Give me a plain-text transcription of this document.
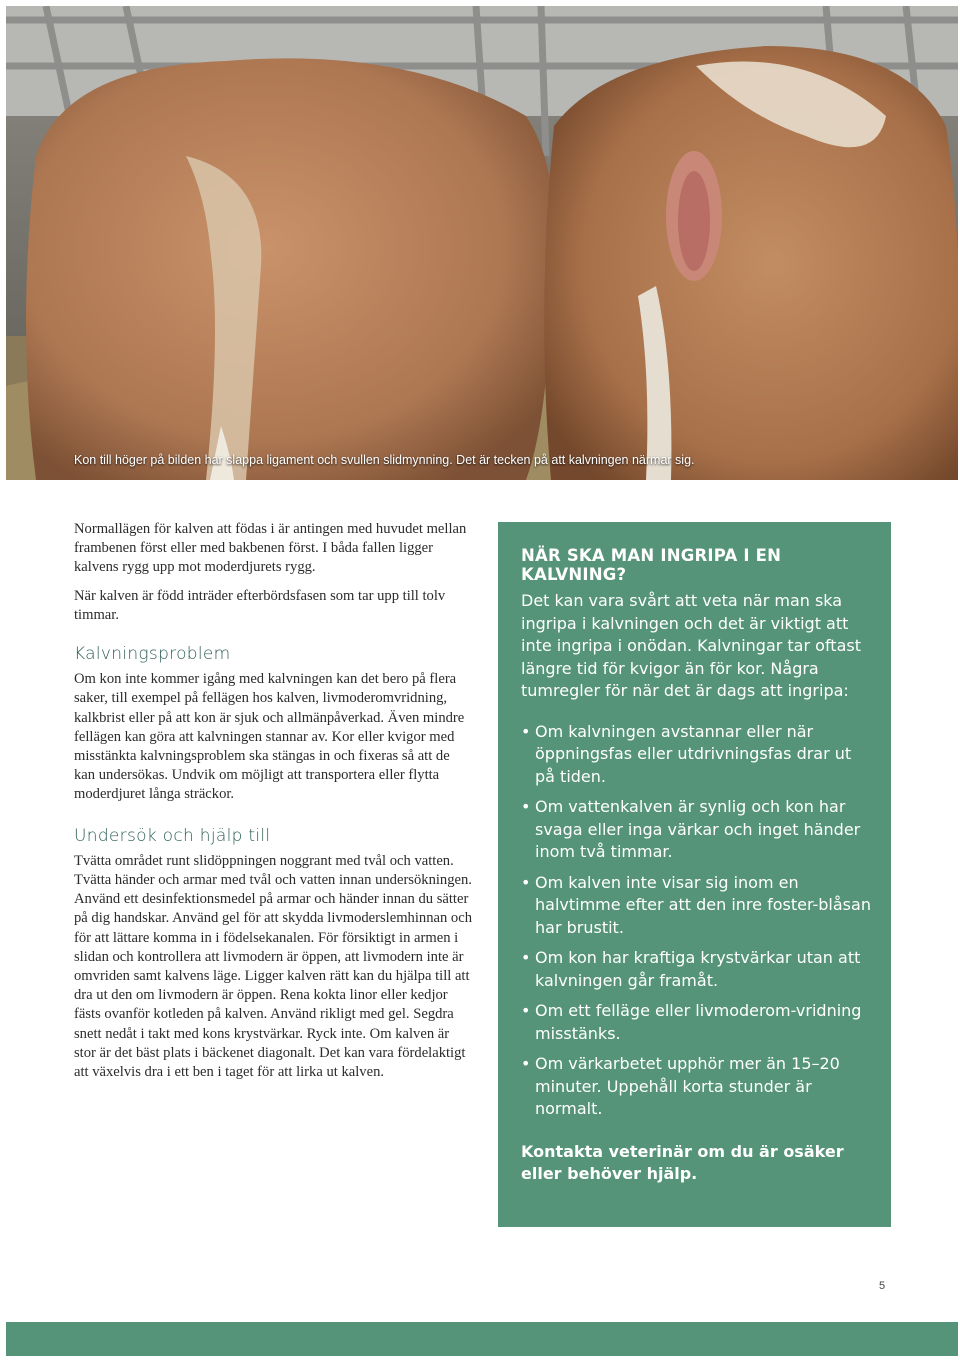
Kon till höger på bilden har slappa ligament och svullen slidmynning. Det är tecken på att kalvningen närmar sig.

Normallägen för kalven att födas i är antingen med huvudet mellan frambenen först eller med bakbenen först. I båda fallen ligger kalvens rygg upp mot moderdjurets rygg.

När kalven är född inträder efterbördsfasen som tar upp till tolv timmar.

Kalvningsproblem

Om kon inte kommer igång med kalvningen kan det bero på flera saker, till exempel på fellägen hos kalven, livmoderomvridning, kalkbrist eller på att kon är sjuk och allmänpåverkad. Även mindre fellägen kan göra att kalvningen stannar av. Kor eller kvigor med misstänkta kalvningsproblem ska stängas in och fixeras så att de kan undersökas. Undvik om möjligt att transportera eller flytta moderdjuret långa sträckor.

Undersök och hjälp till

Tvätta området runt slidöppningen noggrant med tvål och vatten. Tvätta händer och armar med tvål och vatten innan undersökningen. Använd ett desinfektionsmedel på armar och händer innan du sätter på dig handskar. Använd gel för att skydda livmoderslemhinnan och för att lättare komma in i födelsekanalen. För försiktigt in armen i slidan och kontrollera att livmodern är öppen, att livmodern inte är omvriden samt kalvens läge. Ligger kalven rätt kan du hjälpa till att dra ut den om livmodern är öppen. Rena kokta linor eller kedjor fästs ovanför kotleden på kalven. Använd rikligt med gel. Segdra snett nedåt i takt med kons krystvärkar. Ryck inte. Om kalven är stor är det bäst plats i bäckenet diagonalt. Det kan vara fördelaktigt att växelvis dra i ett ben i taget för att lirka ut kalven.

NÄR SKA MAN INGRIPA I EN KALVNING?

Det kan vara svårt att veta när man ska ingripa i kalvningen och det är viktigt att inte ingripa i onödan. Kalvningar tar oftast längre tid för kvigor än för kor. Några tumregler för när det är dags att ingripa:

• Om kalvningen avstannar eller när öppningsfas eller utdrivningsfas drar ut på tiden.
• Om vattenkalven är synlig och kon har svaga eller inga värkar och inget händer inom två timmar.
• Om kalven inte visar sig inom en halvtimme efter att den inre foster-blåsan har brustit.
• Om kon har kraftiga krystvärkar utan att kalvningen går framåt.
• Om ett felläge eller livmoderom-vridning misstänks.
• Om värkarbetet upphör mer än 15–20 minuter. Uppehåll korta stunder är normalt.

Kontakta veterinär om du är osäker eller behöver hjälp.

5
